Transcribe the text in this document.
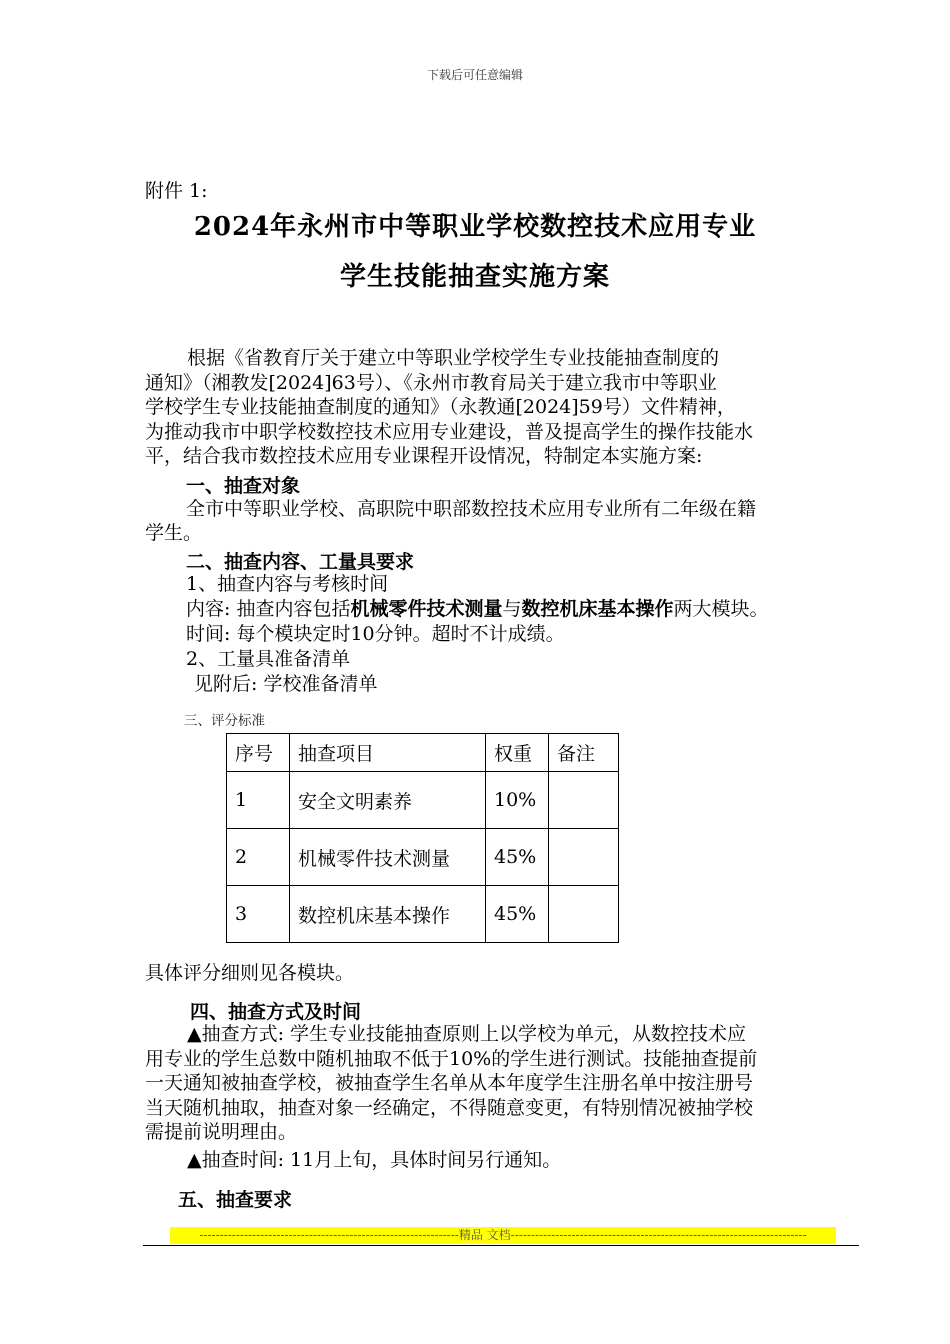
下载后可任意编辑
附件 1:
2024年永州市中等职业学校数控技术应用专业
学生技能抽查实施方案
根据《省教育厅关于建立中等职业学校学生专业技能抽查制度的
通知》（湘教发[2024]63号）、《永州市教育局关于建立我市中等职业
学校学生专业技能抽查制度的通知》（永教通[2024]59号）文件精神，
为推动我市中职学校数控技术应用专业建设，普及提高学生的操作技能水
平，结合我市数控技术应用专业课程开设情况，特制定本实施方案:
一、抽查对象
全市中等职业学校、高职院中职部数控技术应用专业所有二年级在籍
学生。
二、抽查内容、工量具要求
1、抽查内容与考核时间
内容: 抽查内容包括机械零件技术测量与数控机床基本操作两大模块。
时间: 每个模块定时10分钟。超时不计成绩。
2、工量具准备清单
见附后: 学校准备清单
三、评分标准
序号	抽查项目	权重	备注
1	安全文明素养	10%	
2	机械零件技术测量	45%	
3	数控机床基本操作	45%	
具体评分细则见各模块。
四、抽查方式及时间
▲抽查方式: 学生专业技能抽查原则上以学校为单元，从数控技术应
用专业的学生总数中随机抽取不低于10%的学生进行测试。技能抽查提前
一天通知被抽查学校，被抽查学生名单从本年度学生注册名单中按注册号
当天随机抽取，抽查对象一经确定，不得随意变更，有特别情况被抽学校
需提前说明理由。
▲抽查时间: 11月上旬，具体时间另行通知。
五、抽查要求
----------------------------------------------------------------精品 文档-------------------------------------------------------------------------
